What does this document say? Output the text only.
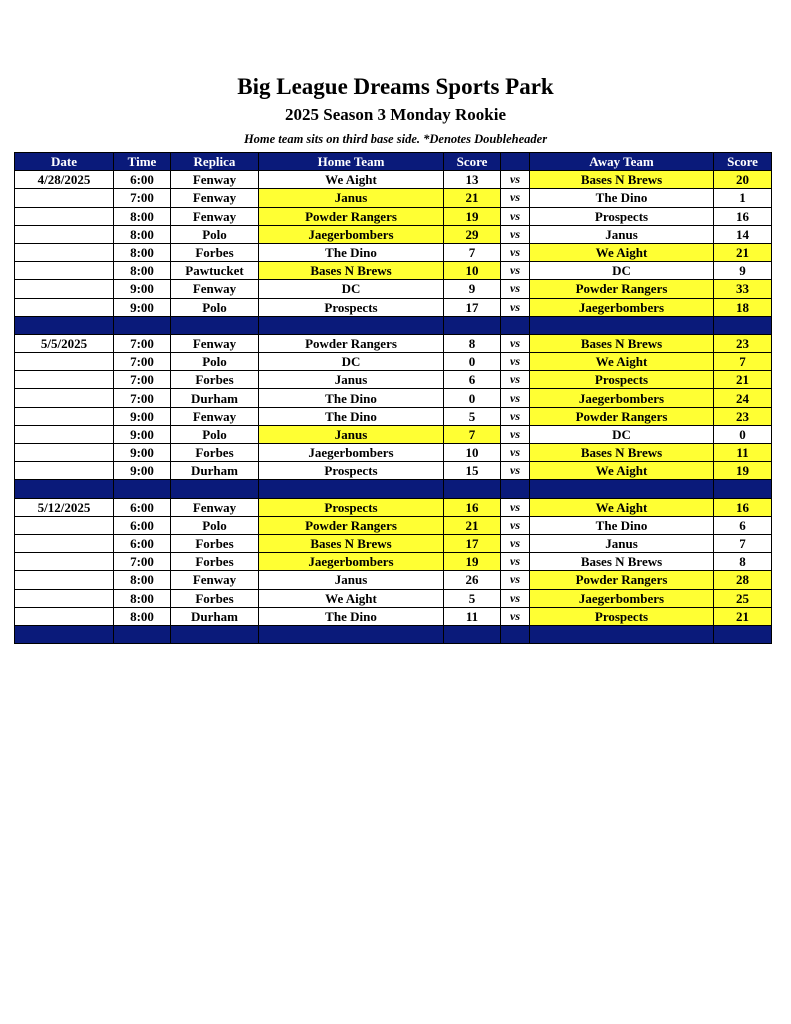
Big League Dreams Sports Park
2025 Season 3 Monday Rookie
Home team sits on third base side. *Denotes Doubleheader
Date	Time	Replica	Home Team	Score		Away Team	Score
4/28/2025	6:00	Fenway	We Aight	13	vs	Bases N Brews	20
	7:00	Fenway	Janus	21	vs	The Dino	1
	8:00	Fenway	Powder Rangers	19	vs	Prospects	16
	8:00	Polo	Jaegerbombers	29	vs	Janus	14
	8:00	Forbes	The Dino	7	vs	We Aight	21
	8:00	Pawtucket	Bases N Brews	10	vs	DC	9
	9:00	Fenway	DC	9	vs	Powder Rangers	33
	9:00	Polo	Prospects	17	vs	Jaegerbombers	18

5/5/2025	7:00	Fenway	Powder Rangers	8	vs	Bases N Brews	23
	7:00	Polo	DC	0	vs	We Aight	7
	7:00	Forbes	Janus	6	vs	Prospects	21
	7:00	Durham	The Dino	0	vs	Jaegerbombers	24
	9:00	Fenway	The Dino	5	vs	Powder Rangers	23
	9:00	Polo	Janus	7	vs	DC	0
	9:00	Forbes	Jaegerbombers	10	vs	Bases N Brews	11
	9:00	Durham	Prospects	15	vs	We Aight	19

5/12/2025	6:00	Fenway	Prospects	16	vs	We Aight	16
	6:00	Polo	Powder Rangers	21	vs	The Dino	6
	6:00	Forbes	Bases N Brews	17	vs	Janus	7
	7:00	Forbes	Jaegerbombers	19	vs	Bases N Brews	8
	8:00	Fenway	Janus	26	vs	Powder Rangers	28
	8:00	Forbes	We Aight	5	vs	Jaegerbombers	25
	8:00	Durham	The Dino	11	vs	Prospects	21
